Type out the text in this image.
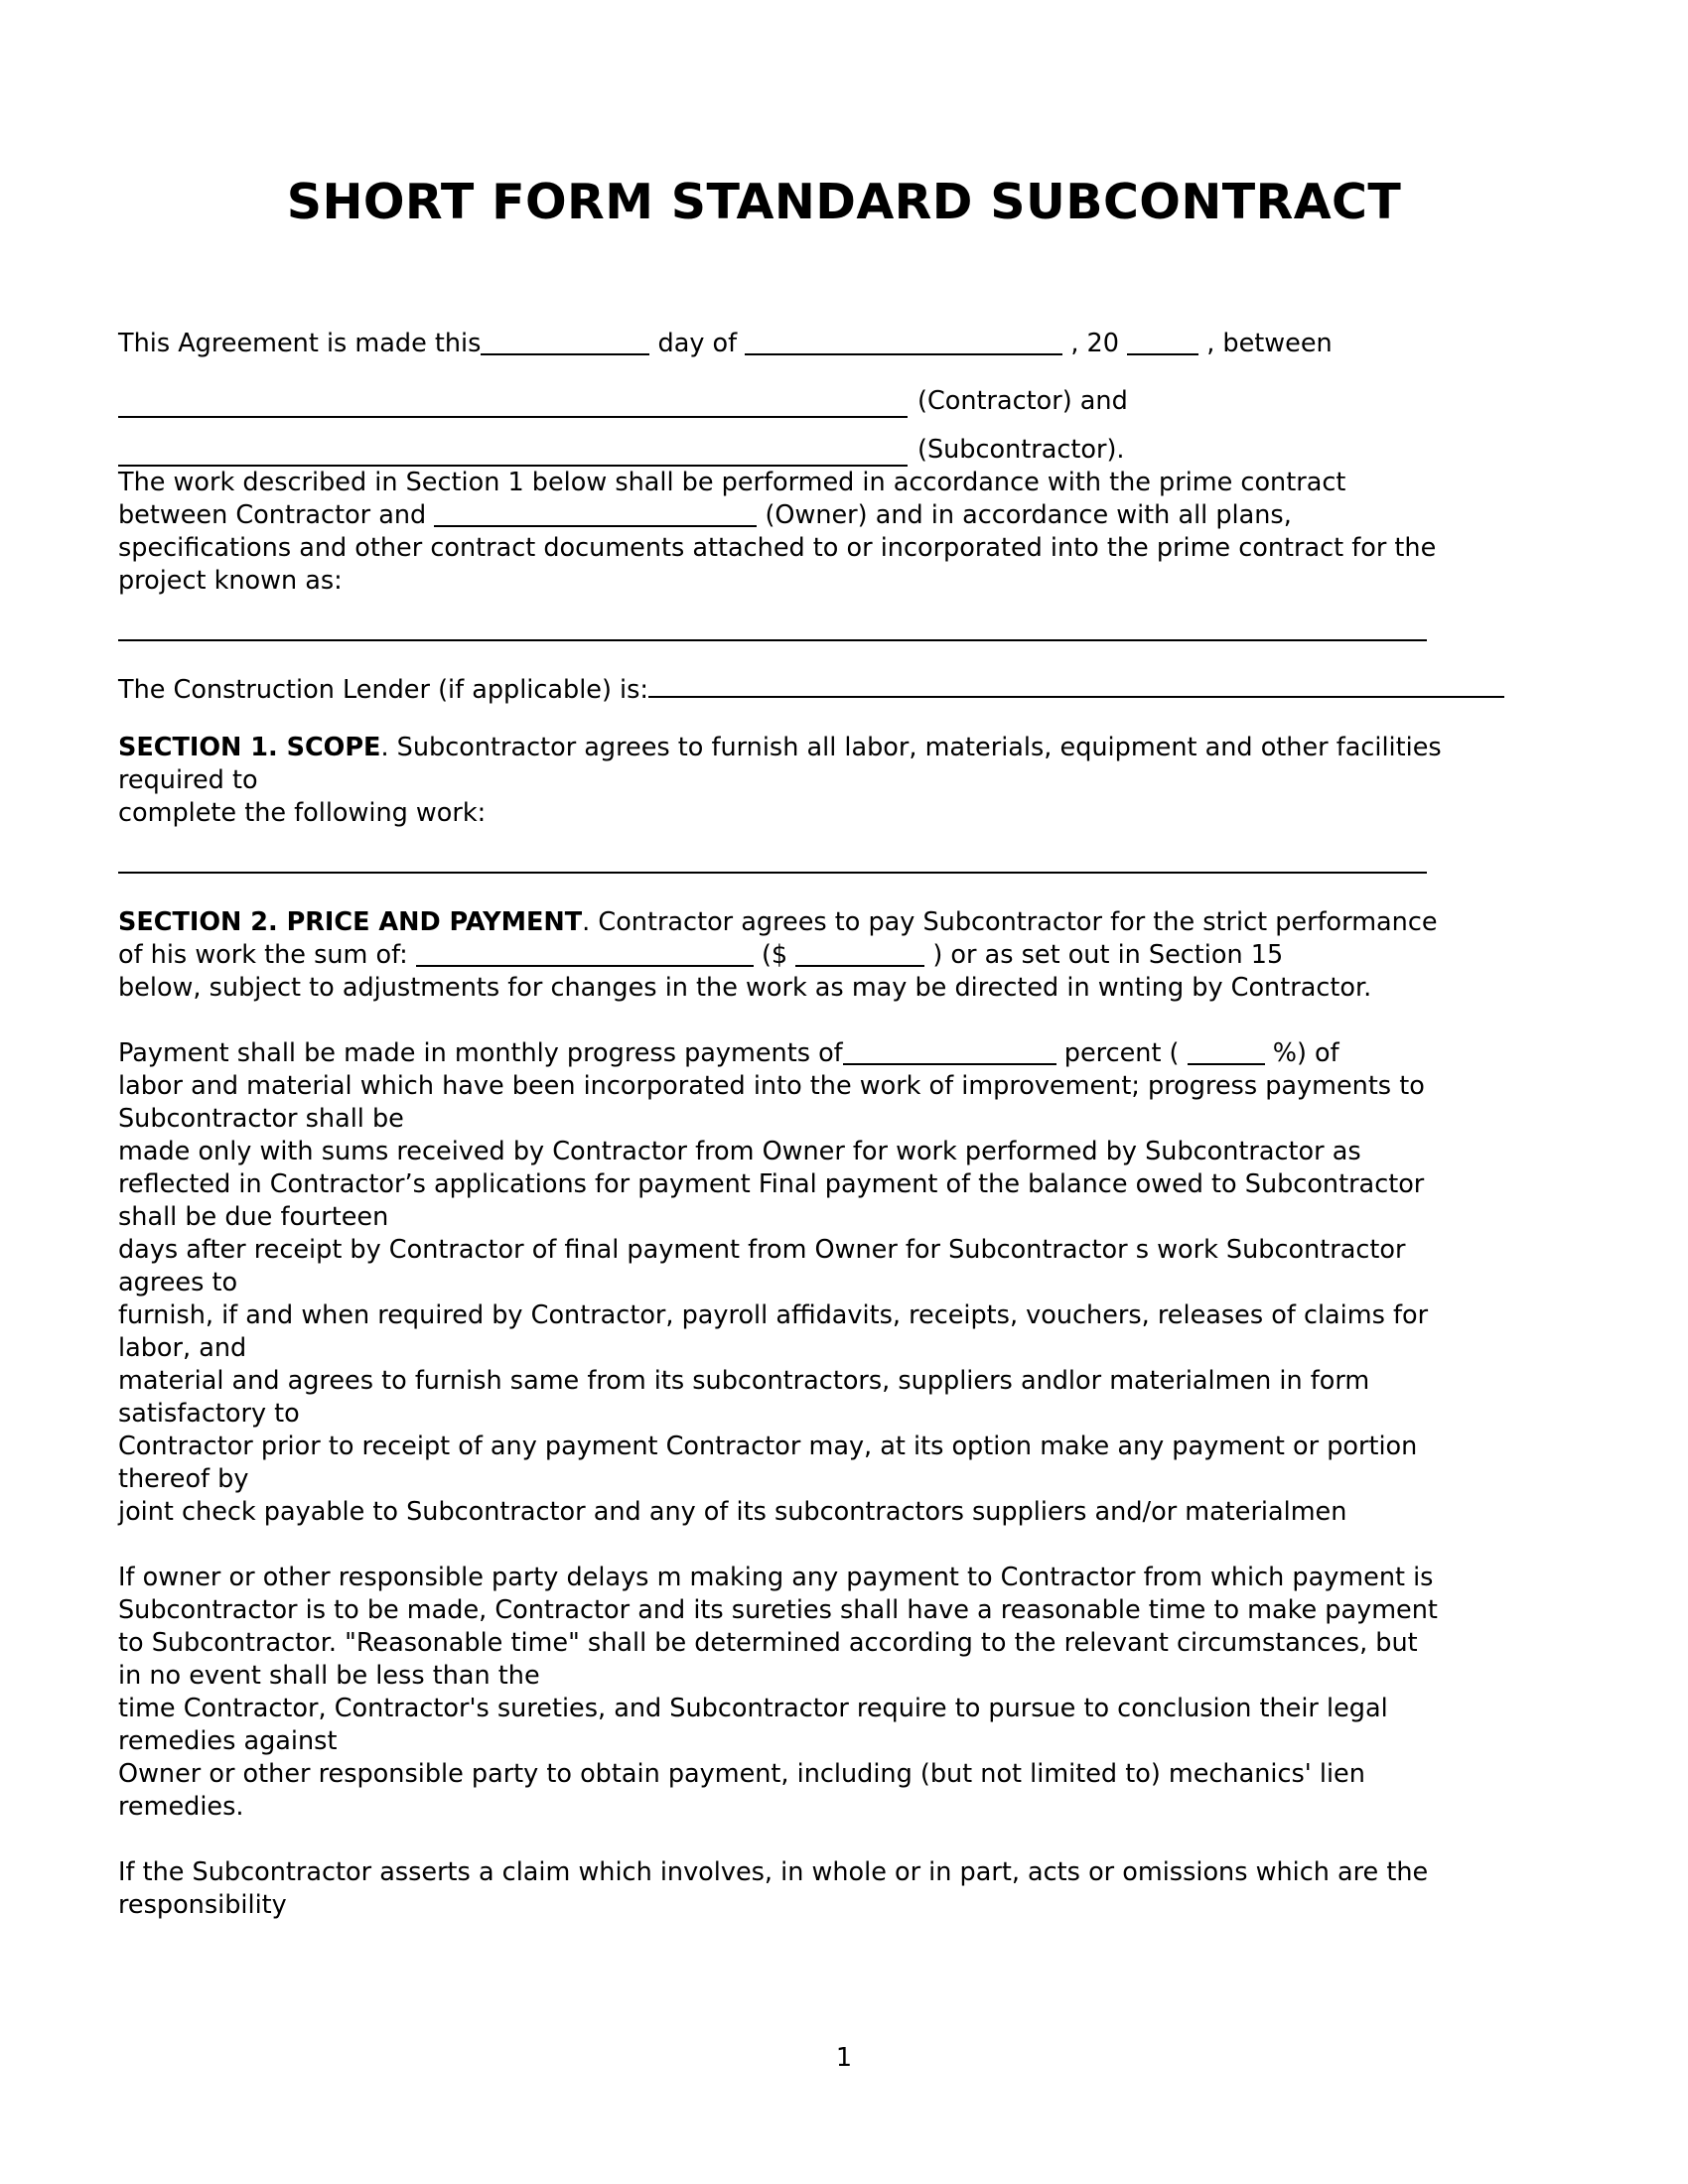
SHORT FORM STANDARD SUBCONTRACT
This Agreement is made this	day of	, 20	, between
(Contractor) and
(Subcontractor).
The work described in Section 1 below shall be performed in accordance with the prime contract
between Contractor and	(Owner) and in accordance with all plans,
specifications and other contract documents attached to or incorporated into the prime contract for the
project known as:
The Construction Lender (if applicable) is:
SECTION 1. SCOPE. Subcontractor agrees to furnish all labor, materials, equipment and other facilities
required to
complete the following work:
SECTION 2. PRICE AND PAYMENT. Contractor agrees to pay Subcontractor for the strict performance
of his work the sum of:	($	) or as set out in Section 15
below, subject to adjustments for changes in the work as may be directed in wnting by Contractor.
Payment shall be made in monthly progress payments of	percent (	%) of
labor and material which have been incorporated into the work of improvement; progress payments to
Subcontractor shall be
made only with sums received by Contractor from Owner for work performed by Subcontractor as
reflected in Contractor’s applications for payment Final payment of the balance owed to Subcontractor
shall be due fourteen
days after receipt by Contractor of final payment from Owner for Subcontractor s work Subcontractor
agrees to
furnish, if and when required by Contractor, payroll affidavits, receipts, vouchers, releases of claims for
labor, and
material and agrees to furnish same from its subcontractors, suppliers andlor materialmen in form
satisfactory to
Contractor prior to receipt of any payment Contractor may, at its option make any payment or portion
thereof by
joint check payable to Subcontractor and any of its subcontractors suppliers and/or materialmen
If owner or other responsible party delays m making any payment to Contractor from which payment is
Subcontractor is to be made, Contractor and its sureties shall have a reasonable time to make payment
to Subcontractor. "Reasonable time" shall be determined according to the relevant circumstances, but
in no event shall be less than the
time Contractor, Contractor's sureties, and Subcontractor require to pursue to conclusion their legal
remedies against
Owner or other responsible party to obtain payment, including (but not limited to) mechanics' lien
remedies.
If the Subcontractor asserts a claim which involves, in whole or in part, acts or omissions which are the
responsibility
1
